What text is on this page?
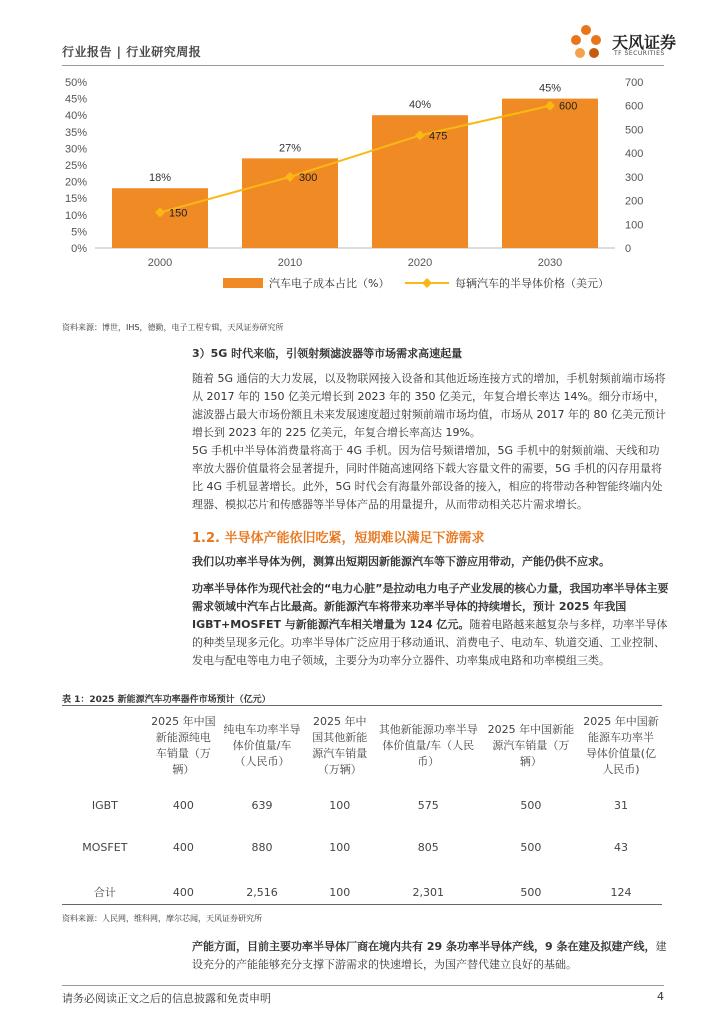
行业报告 | 行业研究周报	天风证券
TF SECURITIES
0%
5%
10%
15%
20%
25%
30%
35%
40%
45%
50%
0
100
200
300
400
500
600
700
18%
2000
27%
2010
40%
2020
45%
2030
150
300
475
600
汽车电子成本占比（%）	每辆汽车的半导体价格（美元）
资料来源：博世，IHS，德勤，电子工程专辑，天风证券研究所
3）5G 时代来临，引领射频滤波器等市场需求高速起量
随着 5G 通信的大力发展，以及物联网接入设备和其他近场连接方式的增加，手机射频前端市场将从 2017 年的 150 亿美元增长到 2023 年的 350 亿美元，年复合增长率达 14%。细分市场中，滤波器占最大市场份额且未来发展速度超过射频前端市场均值，市场从 2017 年的 80 亿美元预计增长到 2023 年的 225 亿美元，年复合增长率高达 19%。
5G 手机中半导体消费量将高于 4G 手机。因为信号频谱增加，5G 手机中的射频前端、天线和功率放大器价值量将会显著提升，同时伴随高速网络下载大容量文件的需要，5G 手机的闪存用量将比 4G 手机显著增长。此外，5G 时代会有海量外部设备的接入，相应的将带动各种智能终端内处理器、模拟芯片和传感器等半导体产品的用量提升，从而带动相关芯片需求增长。
1.2. 半导体产能依旧吃紧，短期难以满足下游需求
我们以功率半导体为例，测算出短期因新能源汽车等下游应用带动，产能仍供不应求。
功率半导体作为现代社会的“电力心脏”是拉动电力电子产业发展的核心力量，我国功率半导体主要需求领域中汽车占比最高。新能源汽车将带来功率半导体的持续增长，预计 2025 年我国 IGBT+MOSFET 与新能源汽车相关增量为 124 亿元。随着电路越来越复杂与多样，功率半导体的种类呈现多元化。功率半导体广泛应用于移动通讯、消费电子、电动车、轨道交通、工业控制、发电与配电等电力电子领域，主要分为功率分立器件、功率集成电路和功率模组三类。
表 1：2025 新能源汽车功率器件市场预计（亿元）
	2025 年中国新能源纯电车销量（万辆）	纯电车功率半导体价值量/车（人民币）	2025 年中国其他新能源汽车销量（万辆）	其他新能源功率半导体价值量/车（人民币）	2025 年中国新能源汽车销量（万辆）	2025 年中国新能源车功率半导体价值量(亿人民币)
IGBT	400	639	100	575	500	31
MOSFET	400	880	100	805	500	43
合计	400	2,516	100	2,301	500	124
资料来源：人民网，维科网，摩尔芯闻，天风证券研究所
产能方面，目前主要功率半导体厂商在境内共有 29 条功率半导体产线，9 条在建及拟建产线，建设充分的产能能够充分支撑下游需求的快速增长，为国产替代建立良好的基础。
请务必阅读正文之后的信息披露和免责申明	4
